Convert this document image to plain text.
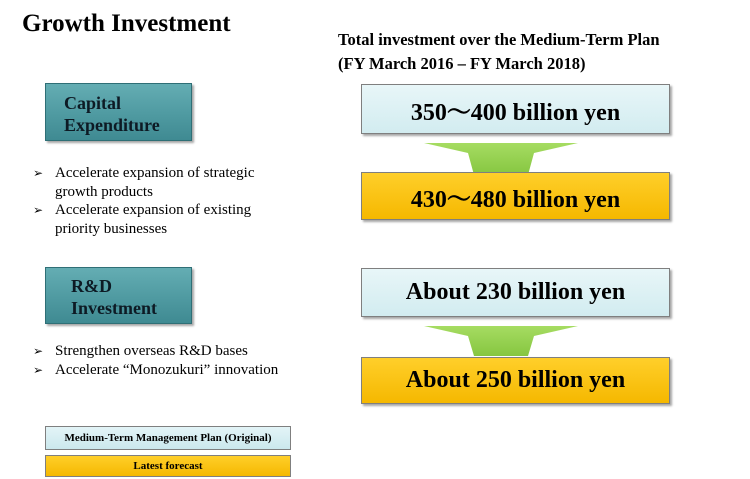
Growth Investment
Total investment over the Medium-Term Plan
(FY March 2016 – FY March 2018)
Capital
Expenditure
➢ Accelerate expansion of strategic
growth products
➢ Accelerate expansion of existing
priority businesses
350〜400 billion yen
430〜480 billion yen
R&D
Investment
➢ Strengthen overseas R&D bases
➢ Accelerate “Monozukuri” innovation
About 230 billion yen
About 250 billion yen
Medium-Term Management Plan (Original)
Latest forecast
